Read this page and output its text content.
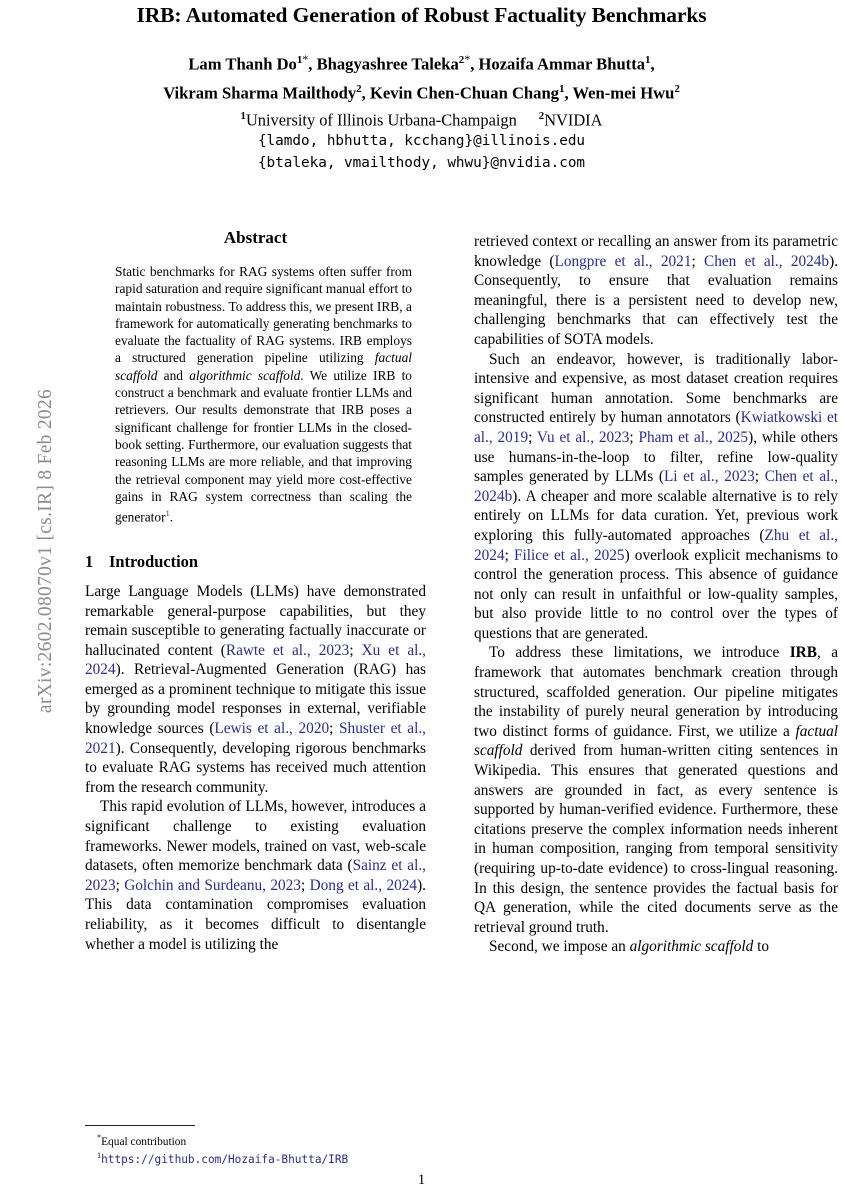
arXiv:2602.08070v1 [cs.IR] 8 Feb 2026
IRB: Automated Generation of Robust Factuality Benchmarks
Lam Thanh $Do^{1*}$, Bhagyashree Taleka$^{2*}$, Hozaifa Ammar Bhutta$^1$,
Vikram Sharma Mailthody$^2$, Kevin Chen-Chuan Chang$^1$, Wen-mei Hwu$^2$
$^1$University of Illinois Urbana-Champaign $^2$NVIDIA
{lamdo, hbhutta, kcchang}@illinois.edu
{btaleka, vmailthody, whwu}@nvidia.com
Abstract
Static benchmarks for RAG systems often suffer from rapid saturation and require significant manual effort to maintain robustness. To address this, we present IRB, a framework for automatically generating benchmarks to evaluate the factuality of RAG systems. IRB employs a structured generation pipeline utilizing factual scaffold and algorithmic scaffold. We utilize IRB to construct a benchmark and evaluate frontier LLMs and retrievers. Our results demonstrate that IRB poses a significant challenge for frontier LLMs in the closed-book setting. Furthermore, our evaluation suggests that reasoning LLMs are more reliable, and that improving the retrieval component may yield more cost-effective gains in RAG system correctness than scaling the generator$^1$.
1 Introduction

Large Language Models (LLMs) have demonstrated remarkable general-purpose capabilities, but they remain susceptible to generating factually inaccurate or hallucinated content (Rawte et al., 2023; Xu et al., 2024). Retrieval-Augmented Generation (RAG) has emerged as a prominent technique to mitigate this issue by grounding model responses in external, verifiable knowledge sources (Lewis et al., 2020; Shuster et al., 2021). Consequently, developing rigorous benchmarks to evaluate RAG systems has received much attention from the research community.

This rapid evolution of LLMs, however, introduces a significant challenge to existing evaluation frameworks. Newer models, trained on vast, web-scale datasets, often memorize benchmark data (Sainz et al., 2023; Golchin and Surdeanu, 2023; Dong et al., 2024). This data contamination compromises evaluation reliability, as it becomes difficult to disentangle whether a model is utilizing the

retrieved context or recalling an answer from its parametric knowledge (Longpre et al., 2021; Chen et al., 2024b). Consequently, to ensure that evaluation remains meaningful, there is a persistent need to develop new, challenging benchmarks that can effectively test the capabilities of SOTA models.

Such an endeavor, however, is traditionally labor-intensive and expensive, as most dataset creation requires significant human annotation. Some benchmarks are constructed entirely by human annotators (Kwiatkowski et al., 2019; Vu et al., 2023; Pham et al., 2025), while others use humans-in-the-loop to filter, refine low-quality samples generated by LLMs (Li et al., 2023; Chen et al., 2024b). A cheaper and more scalable alternative is to rely entirely on LLMs for data curation. Yet, previous work exploring this fully-automated approaches (Zhu et al., 2024; Filice et al., 2025) overlook explicit mechanisms to control the generation process. This absence of guidance not only can result in unfaithful or low-quality samples, but also provide little to no control over the types of questions that are generated.

To address these limitations, we introduce IRB, a framework that automates benchmark creation through structured, scaffolded generation. Our pipeline mitigates the instability of purely neural generation by introducing two distinct forms of guidance. First, we utilize a factual scaffold derived from human-written citing sentences in Wikipedia. This ensures that generated questions and answers are grounded in fact, as every sentence is supported by human-verified evidence. Furthermore, these citations preserve the complex information needs inherent in human composition, ranging from temporal sensitivity (requiring up-to-date evidence) to cross-lingual reasoning. In this design, the sentence provides the factual basis for QA generation, while the cited documents serve as the retrieval ground truth.

Second, we impose an algorithmic scaffold to

*Equal contribution
$^1$https://github.com/Hozaifa-Bhutta/IRB
1
